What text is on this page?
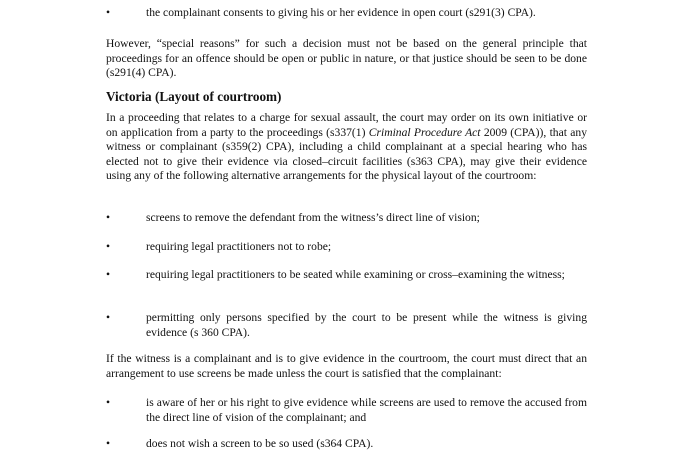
•	the complainant consents to giving his or her evidence in open court (s291(3) CPA).

However, “special reasons” for such a decision must not be based on the general principle that proceedings for an offence should be open or public in nature, or that justice should be seen to be done (s291(4) CPA).

Victoria (Layout of courtroom)

In a proceeding that relates to a charge for sexual assault, the court may order on its own initiative or on application from a party to the proceedings (s337(1) Criminal Procedure Act 2009 (CPA)), that any witness or complainant (s359(2) CPA), including a child complainant at a special hearing who has elected not to give their evidence via closed–circuit facilities (s363 CPA), may give their evidence using any of the following alternative arrangements for the physical layout of the courtroom:

•	screens to remove the defendant from the witness’s direct line of vision;
•	requiring legal practitioners not to robe;
•	requiring legal practitioners to be seated while examining or cross–examining the witness;
•	permitting only persons specified by the court to be present while the witness is giving evidence (s 360 CPA).

If the witness is a complainant and is to give evidence in the courtroom, the court must direct that an arrangement to use screens be made unless the court is satisfied that the complainant:

•	is aware of her or his right to give evidence while screens are used to remove the accused from the direct line of vision of the complainant; and
•	does not wish a screen to be so used (s364 CPA).
